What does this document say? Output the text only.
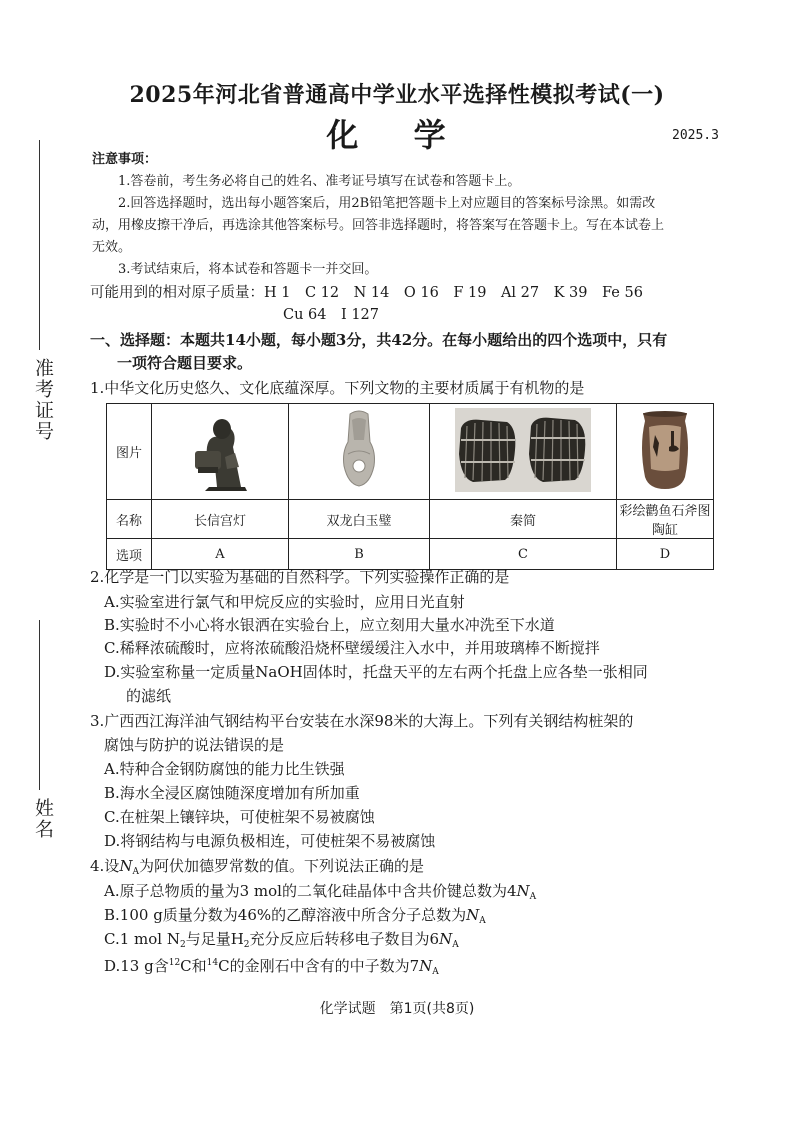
准考证号
姓名
2025年河北省普通高中学业水平选择性模拟考试(一)
化 学	2025.3
注意事项：
1.答卷前，考生务必将自己的姓名、准考证号填写在试卷和答题卡上。
2.回答选择题时，选出每小题答案后，用2B铅笔把答题卡上对应题目的答案标号涂黑。如需改
动，用橡皮擦干净后，再选涂其他答案标号。回答非选择题时，将答案写在答题卡上。写在本试卷上
无效。
3.考试结束后，将本试卷和答题卡一并交回。
可能用到的相对原子质量：H 1　C 12　N 14　O 16　F 19　Al 27　K 39　Fe 56
Cu 64　I 127
一、选择题：本题共14小题，每小题3分，共42分。在每小题给出的四个选项中，只有
一项符合题目要求。
1.中华文化历史悠久、文化底蕴深厚。下列文物的主要材质属于有机物的是
图片				
名称	长信宫灯	双龙白玉璧	秦简	彩绘鹳鱼石斧图陶缸
选项	A	B	C	D
2.化学是一门以实验为基础的自然科学。下列实验操作正确的是
A.实验室进行氯气和甲烷反应的实验时，应用日光直射
B.实验时不小心将水银洒在实验台上，应立刻用大量水冲洗至下水道
C.稀释浓硫酸时，应将浓硫酸沿烧杯壁缓缓注入水中，并用玻璃棒不断搅拌
D.实验室称量一定质量NaOH固体时，托盘天平的左右两个托盘上应各垫一张相同
的滤纸
3.广西西江海洋油气钢结构平台安装在水深98米的大海上。下列有关钢结构桩架的
腐蚀与防护的说法错误的是
A.特种合金钢防腐蚀的能力比生铁强
B.海水全浸区腐蚀随深度增加有所加重
C.在桩架上镶锌块，可使桩架不易被腐蚀
D.将钢结构与电源负极相连，可使桩架不易被腐蚀
4.设$N_A$为阿伏加德罗常数的值。下列说法正确的是
A.原子总物质的量为3 mol的二氧化硅晶体中含共价键总数为$4N_A$
B.100 g质量分数为46%的乙醇溶液中所含分子总数为$N_A$
C.1 mol $N_2$与足量$H_2$充分反应后转移电子数目为$6N_A$
D.13 g含$^{12}$C和$^{14}$C的金刚石中含有的中子数为$7N_A$
化学试题　第1页(共8页)
